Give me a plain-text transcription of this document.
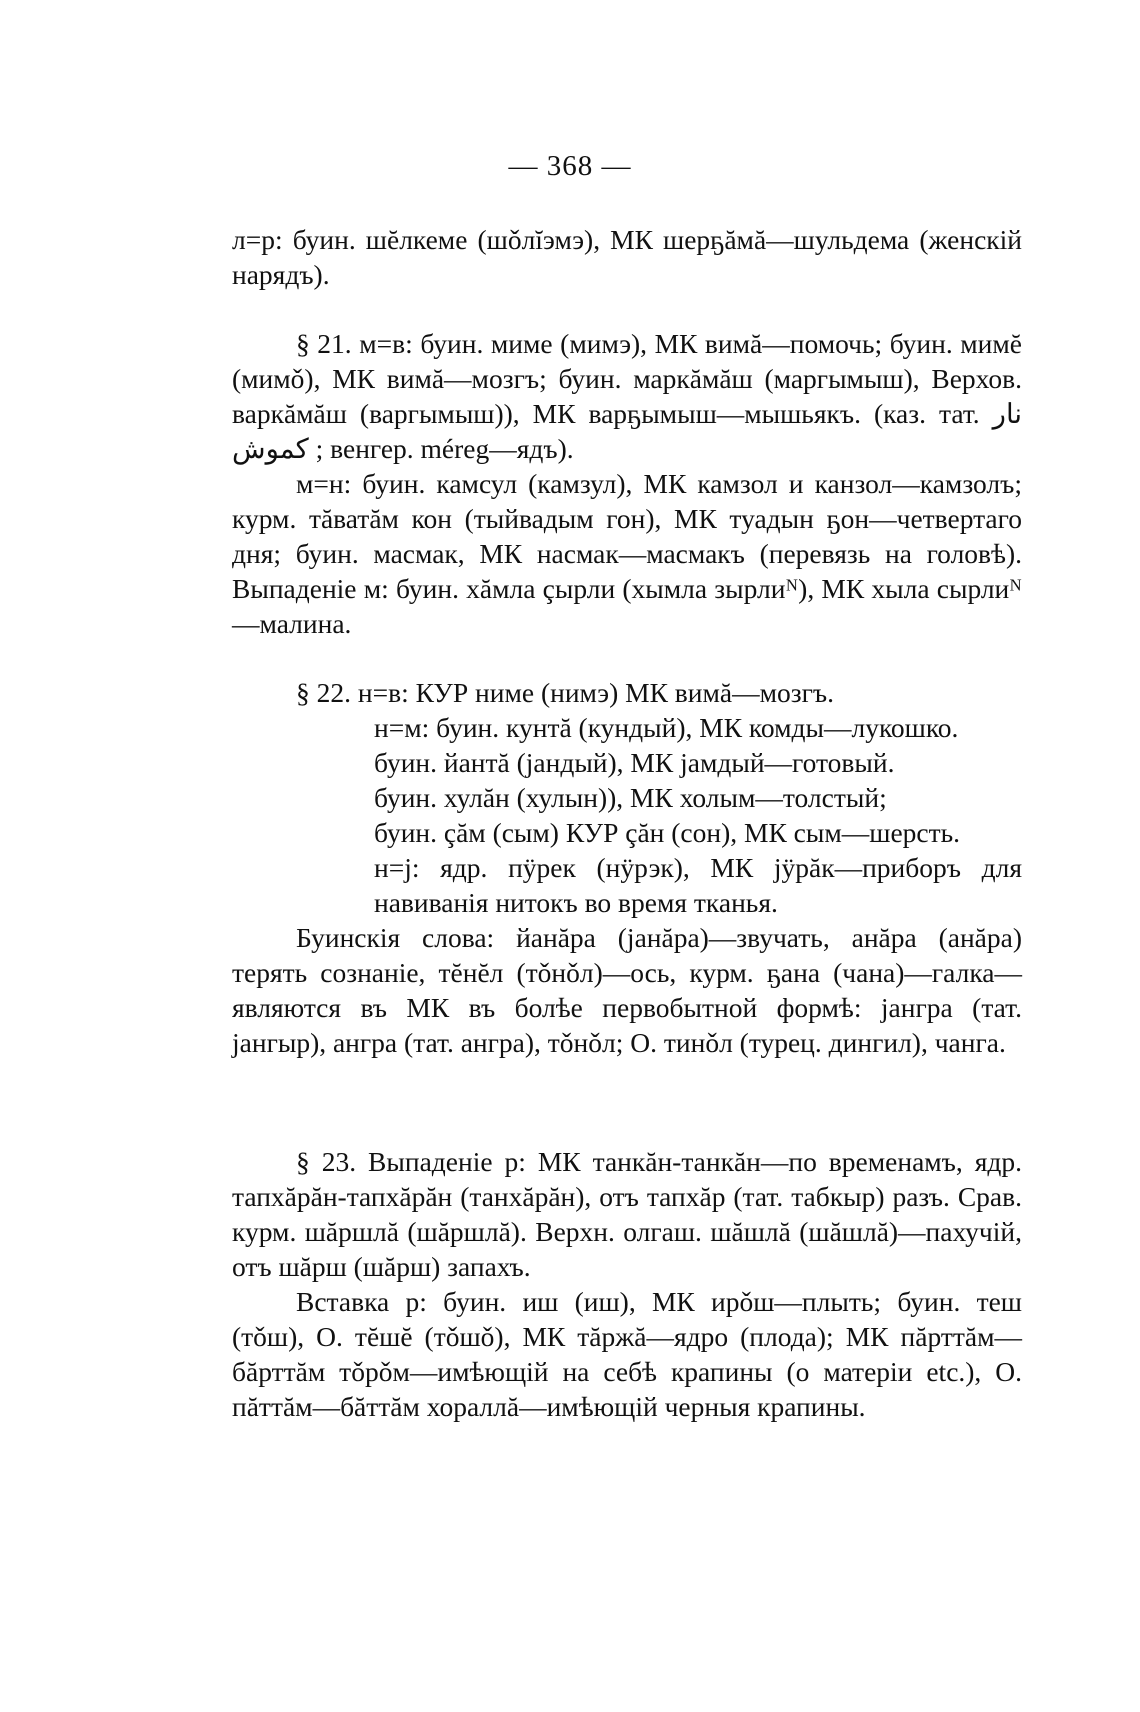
— 368 —

л=р: буин. шĕлкеме (шǒлĭэмэ), МК шерҕăмă—шульдема (женскій нарядъ).

§ 21. м=в: буин. миме (мимэ), МК вимă—помочь; буин. мимĕ (мимǒ), МК вимă—мозгъ; буин. маркăмăш (маргымыш), Верхов. варкăмăш (варгымыш)), МК варҕымыш—мышьякъ. (каз. тат. نار كموش ; венгер. méreg—ядъ).

м=н: буин. камсул (камзул), МК камзол и канзол—камзолъ; курм. тăватăм кон (тыйвадым гон), МК туадын ҕон—четвертаго дня; буин. масмак, МК насмак—масмакъ (перевязь на головѣ). Выпаденіе м: буин. хăмла çырли (хымла зырлиᴺ), МК хыла сырлиᴺ—малина.

§ 22. н=в: КУР ниме (нимэ) МК вимă—мозгъ.

н=м: буин. кунтă (кундый), МК комды—лукошко.

буин. йантă (јандый), МК јамдый—готовый.

буин. хулăн (хулын)), МК холым—толстый;

буин. çăм (сым) КУР çăн (сон), МК сым—шерсть.

н=j: ядр. пÿрек (нÿрэк), МК јÿрăк—приборъ для навиванія нитокъ во время тканья.

Буинскія слова: йанăра (јанăра)—звучать, анăра (анăра) терять сознаніе, тĕнĕл (тǒнǒл)—ось, курм. ҕана (чана)—галка—являются въ МК въ болѣе первобытной формѣ: јангра (тат. јангыр), ангра (тат. ангра), тǒнǒл; О. тинǒл (турец. дингил), чанга.

§ 23. Выпаденіе р: МК танкăн-танкăн—по временамъ, ядр. тапхăрăн-тапхăрăн (танхăрăн), отъ тапхăр (тат. табкыр) разъ. Срав. курм. шăршлă (шăршлă). Верхн. олгаш. шăшлă (шăшлă)—пахучій, отъ шăрш (шăрш) запахъ.

Вставка р: буин. иш (иш), МК ирǒш—плыть; буин. теш (тǒш), О. тĕшĕ (тǒшǒ), МК тăржă—ядро (плода); МК пăрттăм—бăрттăм тǒрǒм—имѣющій на себѣ крапины (о матеріи etc.), О. пăттăм—бăттăм хораллă—имѣющій черныя крапины.
